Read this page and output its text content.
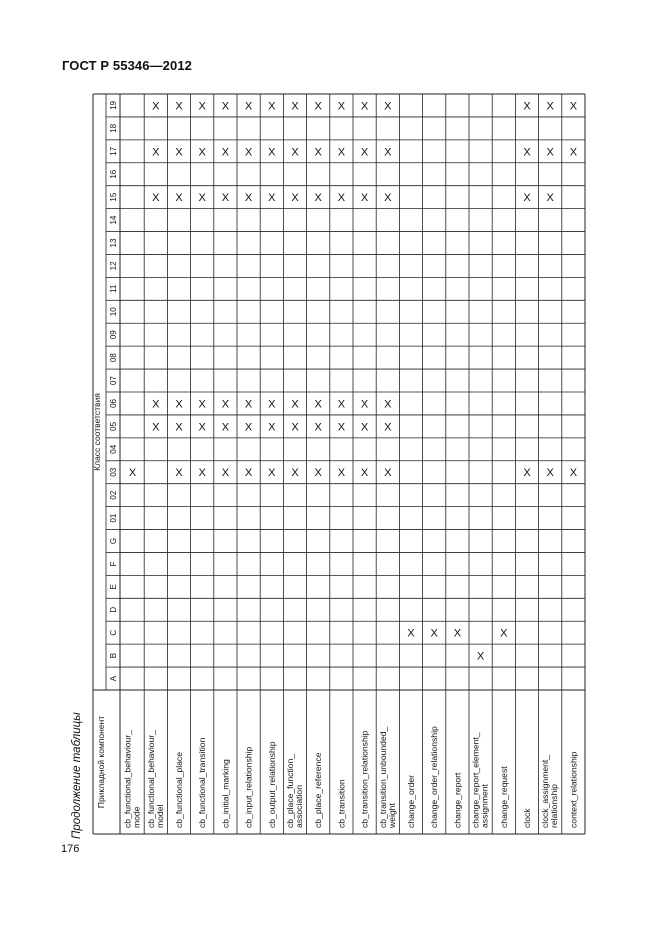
ГОСТ Р 55346—2012
Продолжение таблицы
176
Прикладной компонент
Класс соответствия
A
B
C
D
E
F
G
01
02
03
04
05
06
07
08
09
10
11
12
13
14
15
16
17
18
19
cb_functional_behaviour_ mode
X
cb_functional_behaviour_ model
X
X
X
X
X
cb_functional_place
X
X
X
X
X
X
cb_functional_transition
X
X
X
X
X
X
cb_initial_marking
X
X
X
X
X
X
cb_input_relationship
X
X
X
X
X
X
cb_output_relationship
X
X
X
X
X
X
cb_place_function_ association
X
X
X
X
X
X
cb_place_reference
X
X
X
X
X
X
cb_transition
X
X
X
X
X
X
cb_transition_relationship
X
X
X
X
X
X
cb_transition_unbounded_ weight
X
X
X
X
X
X
change_order
X
change_order_relationship
X
change_report
X
change_report_element_ assignment
X
change_request
X
clock
X
X
X
X
clock_assignment_ relationship
X
X
X
X
context_relationship
X
X
X
